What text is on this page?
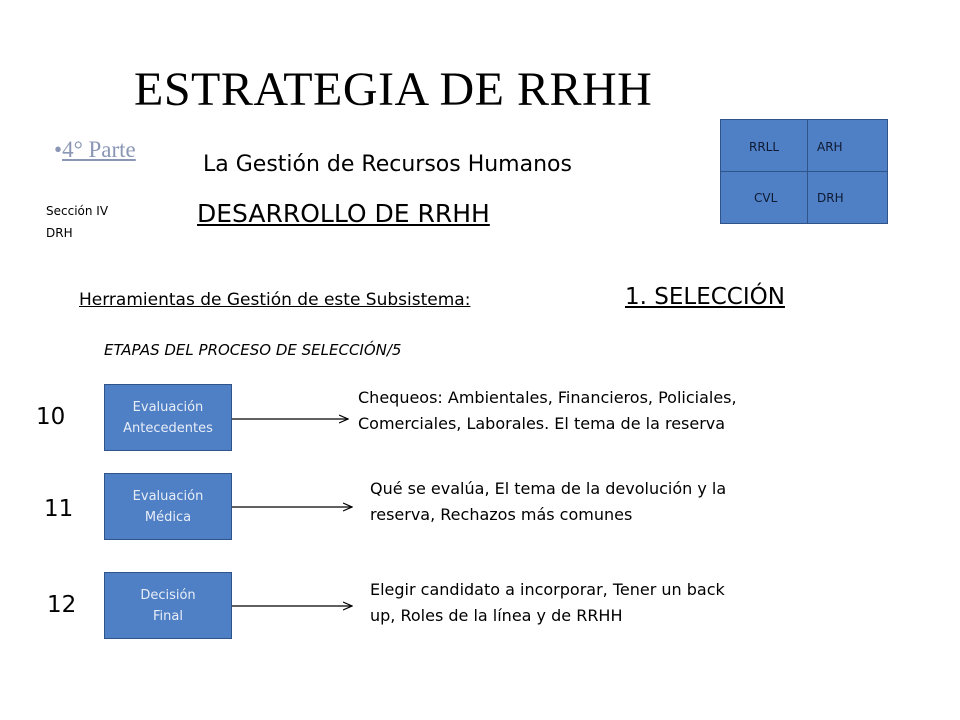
ESTRATEGIA DE RRHH
•4° Parte
La Gestión de Recursos Humanos
Sección IV
DRH
DESARROLLO DE RRHH
RRLL	ARH
CVL	DRH
Herramientas de Gestión de este Subsistema:	1. SELECCIÓN
ETAPAS DEL PROCESO DE SELECCIÓN/5
10	Evaluación
Antecedentes
Chequeos: Ambientales, Financieros, Policiales,
Comerciales, Laborales. El tema de la reserva
11	Evaluación
Médica
Qué se evalúa, El tema de la devolución y la
reserva, Rechazos más comunes
12	Decisión
Final
Elegir candidato a incorporar, Tener un back
up, Roles de la línea y de RRHH
